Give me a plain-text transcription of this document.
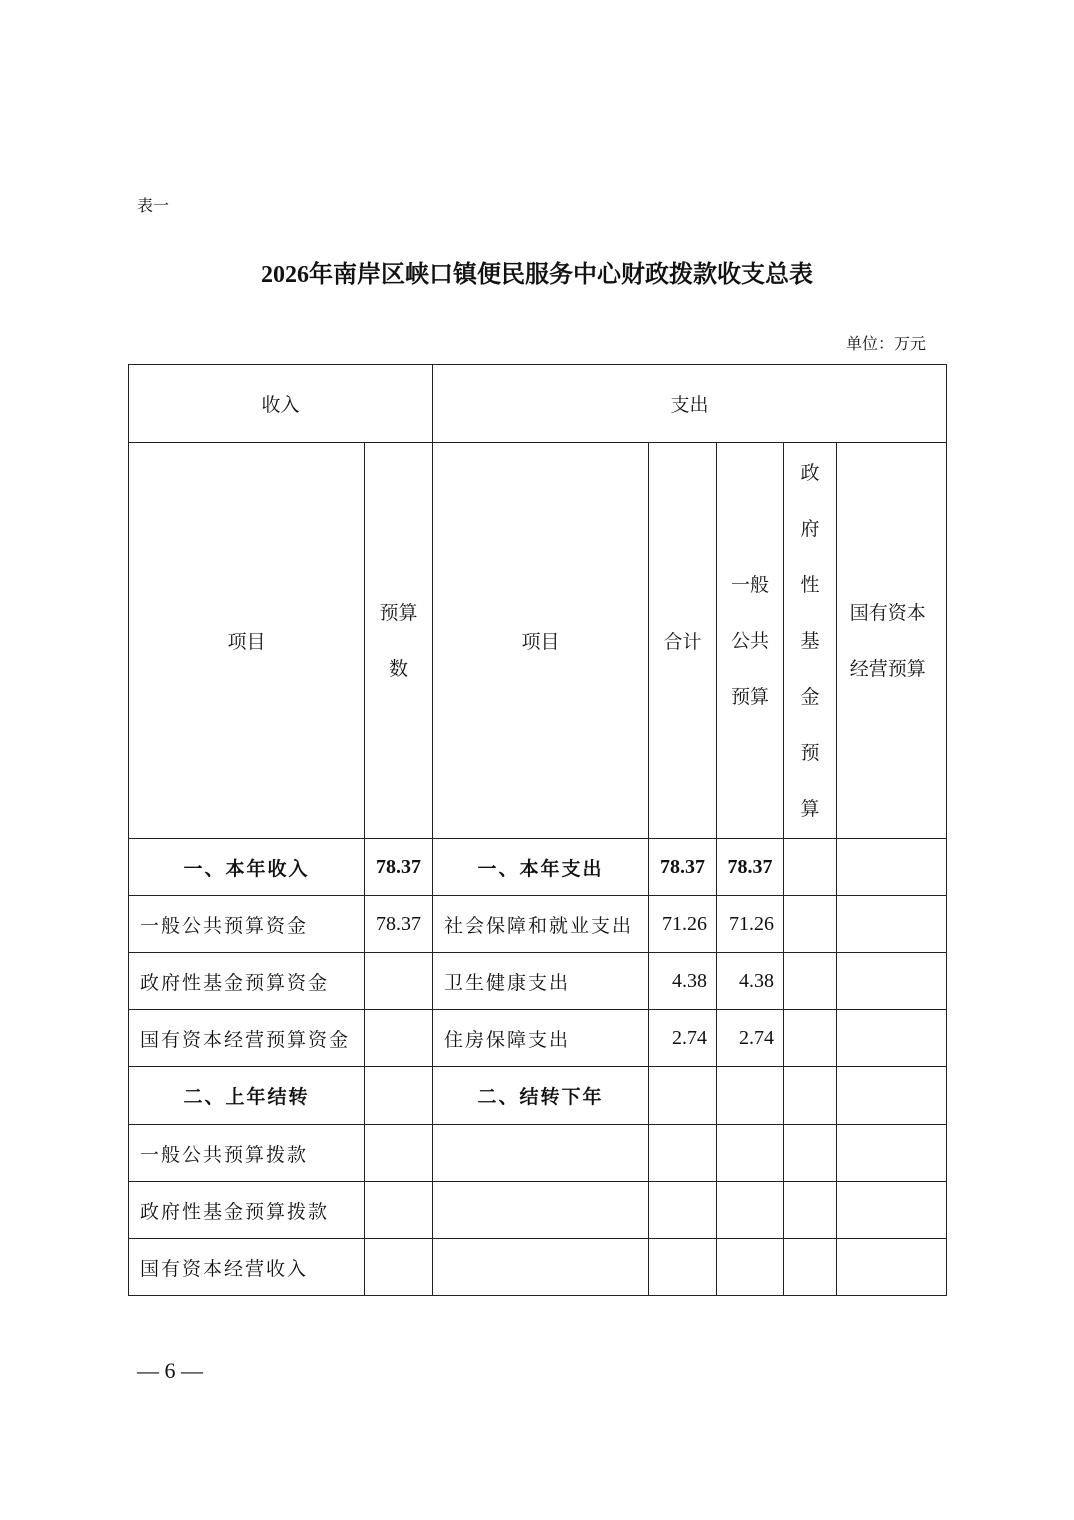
表一
2026年南岸区峡口镇便民服务中心财政拨款收支总表
单位：万元
收入		支出				
项目	预算数	项目	合计	一般公共预算	政府性基金预算	国有资本经营预算

一、本年收入	78.37	一、本年支出	78.37	78.37		
一般公共预算资金	78.37	社会保障和就业支出	71.26	71.26		
政府性基金预算资金		卫生健康支出	4.38	4.38		
国有资本经营预算资金		住房保障支出	2.74	2.74		
二、上年结转		二、结转下年				
一般公共预算拨款						
政府性基金预算拨款						
国有资本经营收入						
— 6 —
